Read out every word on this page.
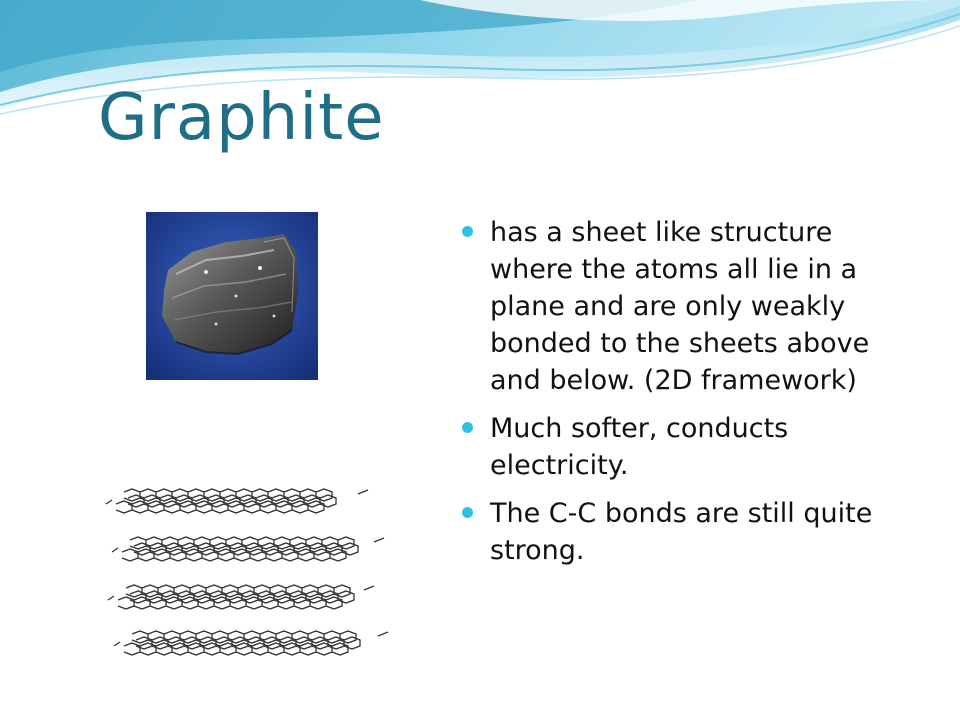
Graphite
has a sheet like structure where the atoms all lie in a plane and are only weakly bonded to the sheets above and below. (2D framework)
Much softer, conducts electricity.
The C-C bonds are still quite strong.
